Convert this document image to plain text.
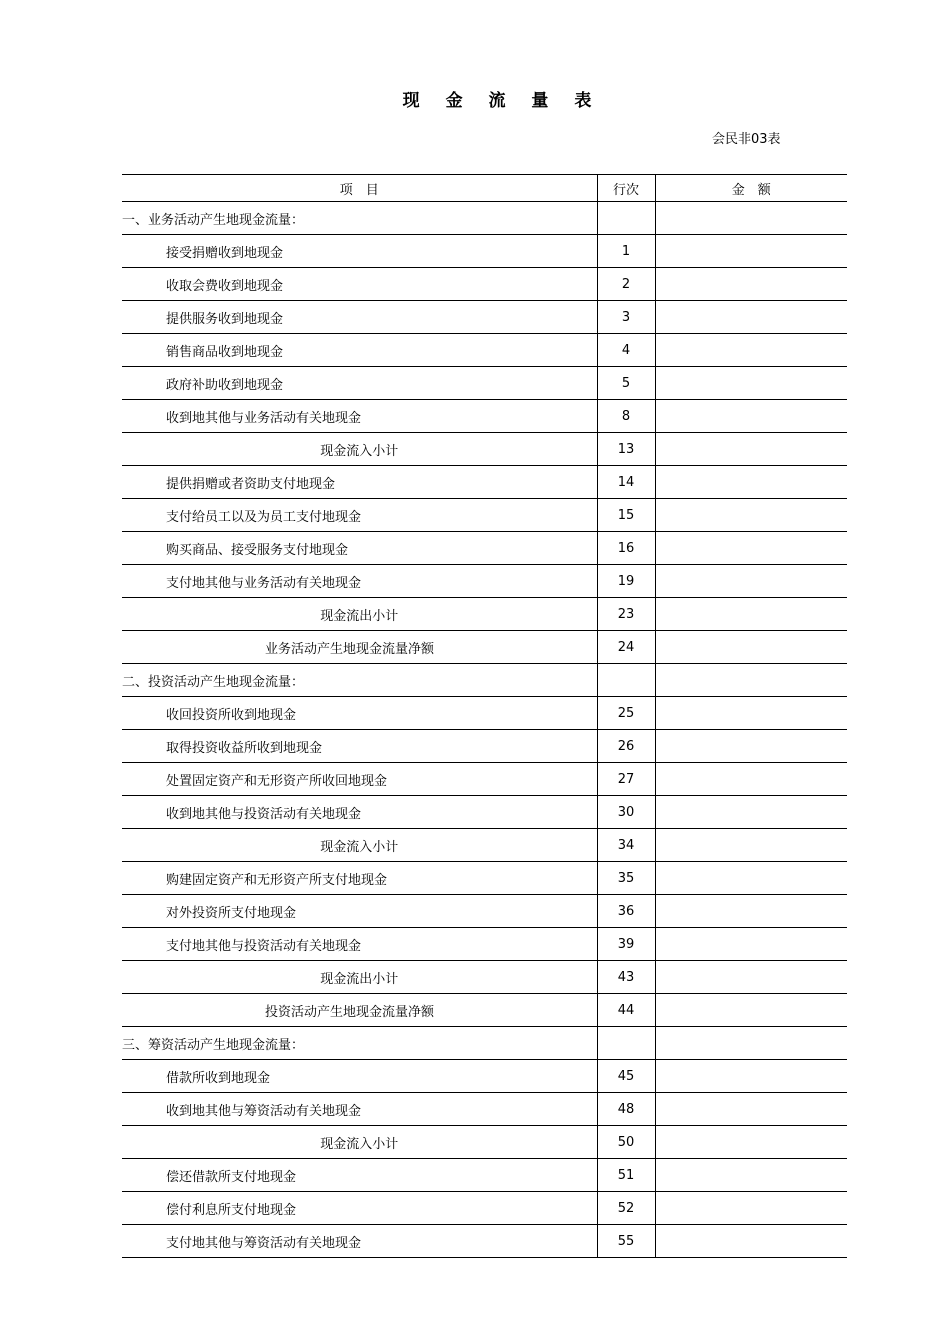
现 金 流 量 表
会民非03表
项　目	行次	金　额
一、业务活动产生地现金流量：		
接受捐赠收到地现金	1	
收取会费收到地现金	2	
提供服务收到地现金	3	
销售商品收到地现金	4	
政府补助收到地现金	5	
收到地其他与业务活动有关地现金	8	
现金流入小计	13	
提供捐赠或者资助支付地现金	14	
支付给员工以及为员工支付地现金	15	
购买商品、接受服务支付地现金	16	
支付地其他与业务活动有关地现金	19	
现金流出小计	23	
业务活动产生地现金流量净额	24	
二、投资活动产生地现金流量：		
收回投资所收到地现金	25	
取得投资收益所收到地现金	26	
处置固定资产和无形资产所收回地现金	27	
收到地其他与投资活动有关地现金	30	
现金流入小计	34	
购建固定资产和无形资产所支付地现金	35	
对外投资所支付地现金	36	
支付地其他与投资活动有关地现金	39	
现金流出小计	43	
投资活动产生地现金流量净额	44	
三、筹资活动产生地现金流量：		
借款所收到地现金	45	
收到地其他与筹资活动有关地现金	48	
现金流入小计	50	
偿还借款所支付地现金	51	
偿付利息所支付地现金	52	
支付地其他与筹资活动有关地现金	55	
